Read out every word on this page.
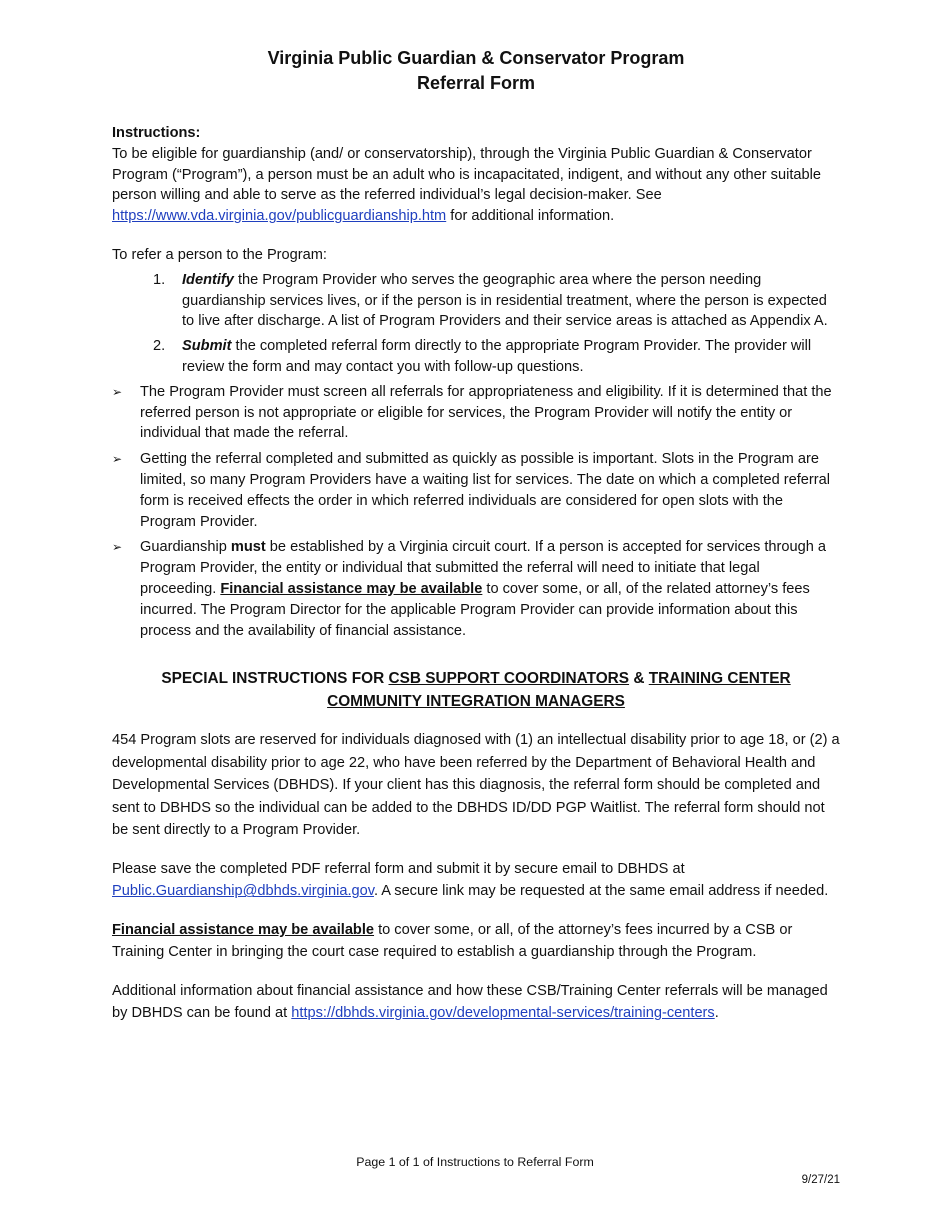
Virginia Public Guardian & Conservator Program

Referral Form

Instructions:

To be eligible for guardianship (and/ or conservatorship), through the Virginia Public Guardian & Conservator Program (“Program”), a person must be an adult who is incapacitated, indigent, and without any other suitable person willing and able to serve as the referred individual’s legal decision-maker. See https://www.vda.virginia.gov/publicguardianship.htm for additional information.

To refer a person to the Program:

1. Identify the Program Provider who serves the geographic area where the person needing guardianship services lives, or if the person is in residential treatment, where the person is expected to live after discharge. A list of Program Providers and their service areas is attached as Appendix A.
2. Submit the completed referral form directly to the appropriate Program Provider. The provider will review the form and may contact you with follow-up questions.
➢ The Program Provider must screen all referrals for appropriateness and eligibility. If it is determined that the referred person is not appropriate or eligible for services, the Program Provider will notify the entity or individual that made the referral.
➢ Getting the referral completed and submitted as quickly as possible is important. Slots in the Program are limited, so many Program Providers have a waiting list for services. The date on which a completed referral form is received effects the order in which referred individuals are considered for open slots with the Program Provider.
➢ Guardianship must be established by a Virginia circuit court. If a person is accepted for services through a Program Provider, the entity or individual that submitted the referral will need to initiate that legal proceeding. Financial assistance may be available to cover some, or all, of the related attorney’s fees incurred. The Program Director for the applicable Program Provider can provide information about this process and the availability of financial assistance.
SPECIAL INSTRUCTIONS FOR CSB SUPPORT COORDINATORS & TRAINING CENTER
COMMUNITY INTEGRATION MANAGERS

454 Program slots are reserved for individuals diagnosed with (1) an intellectual disability prior to age 18, or (2) a developmental disability prior to age 22, who have been referred by the Department of Behavioral Health and Developmental Services (DBHDS). If your client has this diagnosis, the referral form should be completed and sent to DBHDS so the individual can be added to the DBHDS ID/DD PGP Waitlist. The referral form should not be sent directly to a Program Provider.

Please save the completed PDF referral form and submit it by secure email to DBHDS at Public.Guardianship@dbhds.virginia.gov. A secure link may be requested at the same email address if needed.

Financial assistance may be available to cover some, or all, of the attorney’s fees incurred by a CSB or Training Center in bringing the court case required to establish a guardianship through the Program.

Additional information about financial assistance and how these CSB/Training Center referrals will be managed by DBHDS can be found at https://dbhds.virginia.gov/developmental-services/training-centers.

Page 1 of 1 of Instructions to Referral Form
9/27/21
